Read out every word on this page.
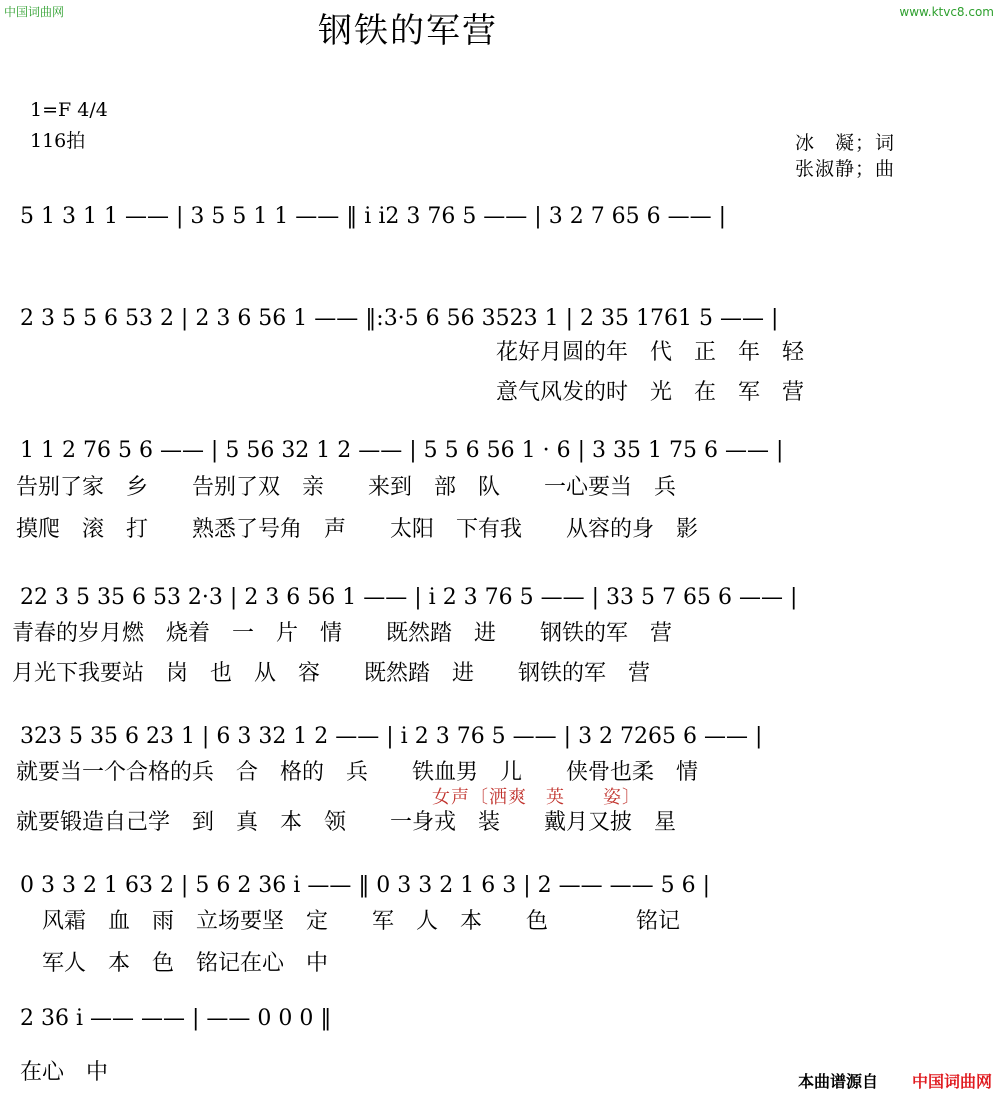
中国词曲网	www.ktvc8.com
钢铁的军营
1=F 4/4
116拍	冰　凝；词
张淑静；曲
5 1 3 1 1 —— | 3 5 5 1 1 —— ‖ i i2 3 76 5 —— | 3 2 7 65 6 —— |
2 3 5 5 6 53 2 | 2 3 6 56 1 —— ‖:3·5 6 56 3523 1 | 2 35 1761 5 —— |
花好月圆的年　代　正　年　轻
意气风发的时　光　在　军　营
1 1 2 76 5 6 —— | 5 56 32 1 2 —— | 5 5 6 56 1 · 6 | 3 35 1 75 6 —— |
告别了家　乡　　告别了双　亲　　来到　部　队　　一心要当　兵
摸爬　滚　打　　熟悉了号角　声　　太阳　下有我　　从容的身　影
22 3 5 35 6 53 2·3 | 2 3 6 56 1 —— | i 2 3 76 5 —— | 33 5 7 65 6 —— |
青春的岁月燃　烧着　一　片　情　　既然踏　进　　钢铁的军　营
月光下我要站　岗　也　从　容　　既然踏　进　　钢铁的军　营
323 5 35 6 23 1 | 6 3 32 1 2 —— | i 2 3 76 5 —— | 3 2 7265 6 —— |
就要当一个合格的兵　合　格的　兵　　铁血男　儿　　侠骨也柔　情
女声〔洒爽　英　　姿〕
就要锻造自己学　到　真　本　领　　一身戎　装　　戴月又披　星
0 3 3 2 1 63 2 | 5 6 2 36 i —— ‖ 0 3 3 2 1 6 3 | 2 —— —— 5 6 |
风霜　血　雨　立场要坚　定　　军　人　本　　色　　　　铭记
军人　本　色　铭记在心　中
2 36 i —— —— | —— 0 0 0 ‖
在心　中	本曲谱源自 中国词曲网
